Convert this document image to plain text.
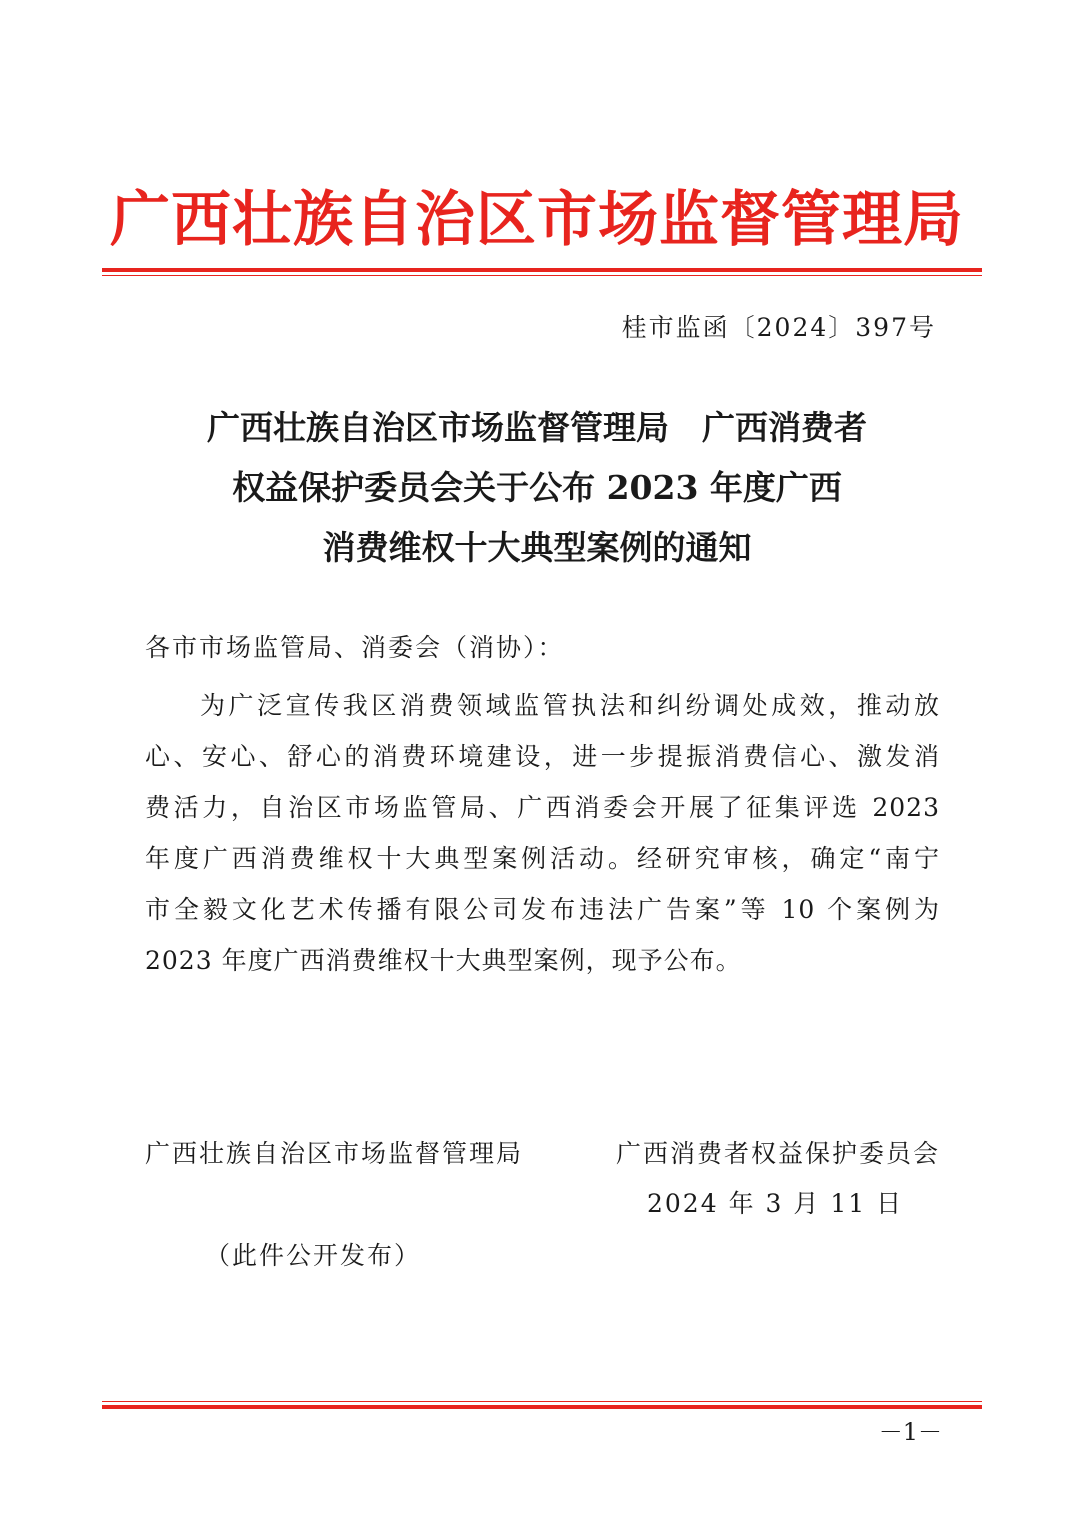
广西壮族自治区市场监督管理局
桂市监函〔2024〕397号
广西壮族自治区市场监督管理局　广西消费者
权益保护委员会关于公布 2023 年度广西
消费维权十大典型案例的通知
各市市场监管局、消委会（消协）：
为广泛宣传我区消费领域监管执法和纠纷调处成效，推动放
心、安心、舒心的消费环境建设，进一步提振消费信心、激发消
费活力，自治区市场监管局、广西消委会开展了征集评选 2023
年度广西消费维权十大典型案例活动。经研究审核，确定“南宁
市全毅文化艺术传播有限公司发布违法广告案”等 10 个案例为
2023 年度广西消费维权十大典型案例，现予公布。
广西壮族自治区市场监督管理局	广西消费者权益保护委员会
2024 年 3 月 11 日
（此件公开发布）
－1－
